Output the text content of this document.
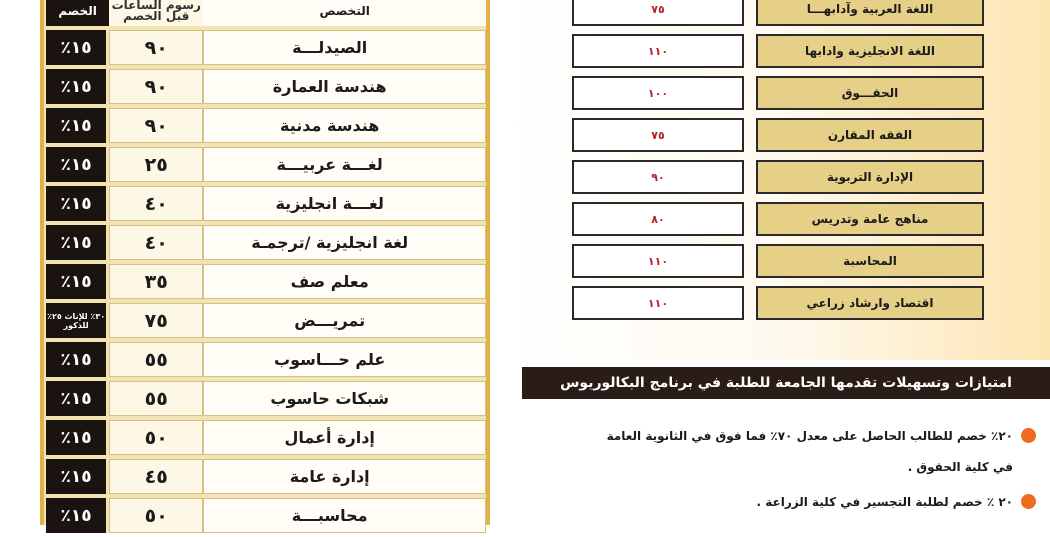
الخصم	رسوم الساعات قبل الخصم	التخصص
٪١٥	٩٠	الصيدلـــة
٪١٥	٩٠	هندسة العمارة
٪١٥	٩٠	هندسة مدنية
٪١٥	٢٥	لغـــة عربيـــة
٪١٥	٤٠	لغـــة انجليزية
٪١٥	٤٠	لغة انجليزية /ترجمـة
٪١٥	٣٥	معلم صف
٣٠٪ للإناث ٢٥٪ للذكور	٧٥	تمريـــض
٪١٥	٥٥	علم حـــاسوب
٪١٥	٥٥	شبكات حاسوب
٪١٥	٥٠	إدارة أعمال
٪١٥	٤٥	إدارة عامة
٪١٥	٥٠	محاسبـــة
٧٥	اللغة العربية وآدابهـــا
١١٠	اللغة الانجليزية وادابها
١٠٠	الحقـــوق
٧٥	الفقه المقارن
٩٠	الإدارة التربوية
٨٠	مناهج عامة وتدريس
١١٠	المحاسبة
١١٠	اقتصاد وارشاد زراعي
امتيازات وتسهيلات تقدمها الجامعة للطلبة في برنامج البكالوريوس
٢٠٪ خصم للطالب الحاصل على معدل ٧٠٪ فما فوق في الثانوية العامة
في كلية الحقوق .
٢٠ ٪ خصم لطلبة التجسير في كلية الزراعة .
